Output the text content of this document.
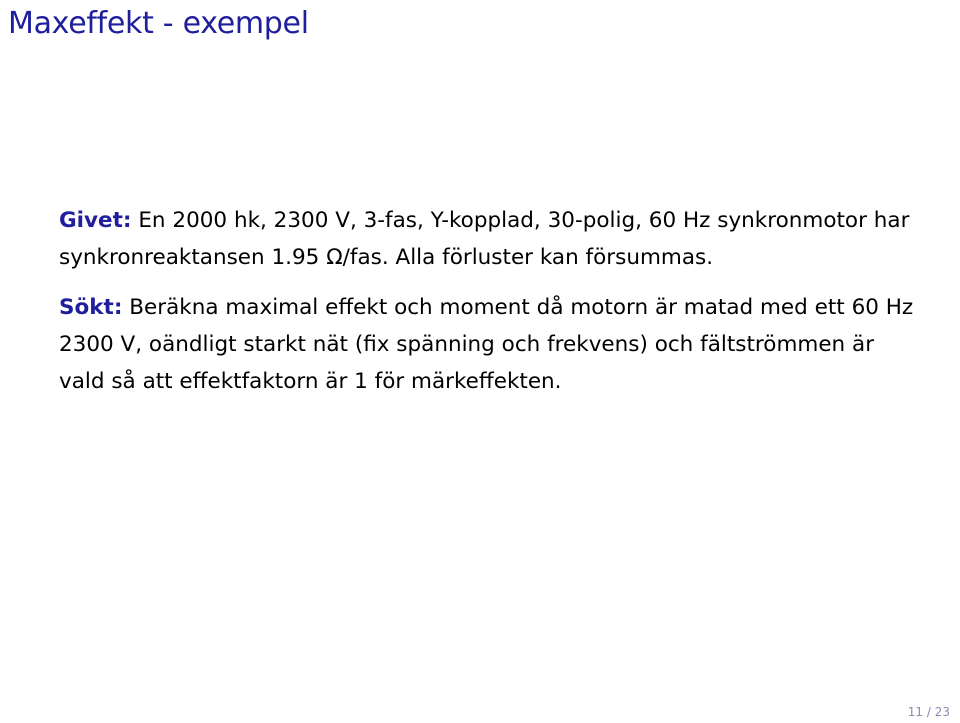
Maxeffekt - exempel

Givet: En 2000 hk, 2300 V, 3-fas, Y-kopplad, 30-polig, 60 Hz synkronmotor har synkronreaktansen 1.95 Ω/fas. Alla förluster kan försummas.

Sökt: Beräkna maximal effekt och moment då motorn är matad med ett 60 Hz 2300 V, oändligt starkt nät (fix spänning och frekvens) och fältströmmen är vald så att effektfaktorn är 1 för märkeffekten.

11 / 23
